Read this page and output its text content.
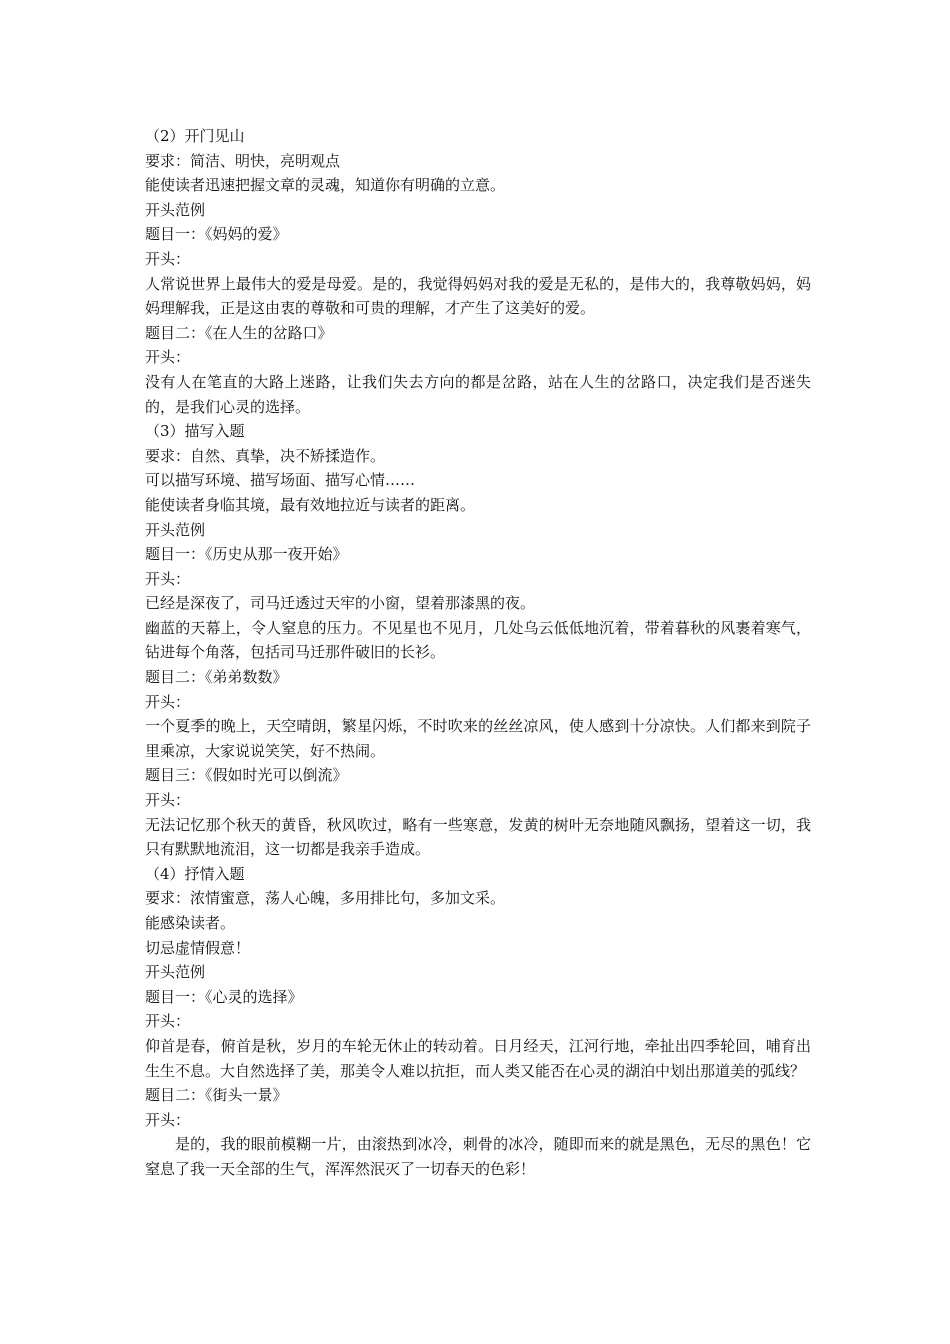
（2）开门见山

要求：简洁、明快，亮明观点

能使读者迅速把握文章的灵魂，知道你有明确的立意。

开头范例

题目一：《妈妈的爱》

开头：

人常说世界上最伟大的爱是母爱。是的，我觉得妈妈对我的爱是无私的，是伟大的，我尊敬妈妈，妈妈理解我，正是这由衷的尊敬和可贵的理解，才产生了这美好的爱。

题目二：《在人生的岔路口》

开头：

没有人在笔直的大路上迷路，让我们失去方向的都是岔路，站在人生的岔路口，决定我们是否迷失的，是我们心灵的选择。

（3）描写入题

要求：自然、真挚，决不矫揉造作。

可以描写环境、描写场面、描写心情……

能使读者身临其境，最有效地拉近与读者的距离。

开头范例

题目一：《历史从那一夜开始》

开头：

已经是深夜了，司马迁透过天牢的小窗，望着那漆黑的夜。

幽蓝的天幕上，令人窒息的压力。不见星也不见月，几处乌云低低地沉着，带着暮秋的风裹着寒气，钻进每个角落，包括司马迁那件破旧的长衫。

题目二：《弟弟数数》

开头：

一个夏季的晚上，天空晴朗，繁星闪烁，不时吹来的丝丝凉风，使人感到十分凉快。人们都来到院子里乘凉，大家说说笑笑，好不热闹。

题目三：《假如时光可以倒流》

开头：

无法记忆那个秋天的黄昏，秋风吹过，略有一些寒意，发黄的树叶无奈地随风飘扬，望着这一切，我只有默默地流泪，这一切都是我亲手造成。

（4）抒情入题

要求：浓情蜜意，荡人心魄，多用排比句，多加文采。

能感染读者。

切忌虚情假意！

开头范例

题目一：《心灵的选择》

开头：

仰首是春，俯首是秋，岁月的车轮无休止的转动着。日月经天，江河行地，牵扯出四季轮回，哺育出生生不息。大自然选择了美，那美令人难以抗拒，而人类又能否在心灵的湖泊中划出那道美的弧线？

题目二：《街头一景》

开头：

是的，我的眼前模糊一片，由滚热到冰冷，刺骨的冰冷，随即而来的就是黑色，无尽的黑色！它窒息了我一天全部的生气，浑浑然泯灭了一切春天的色彩！
